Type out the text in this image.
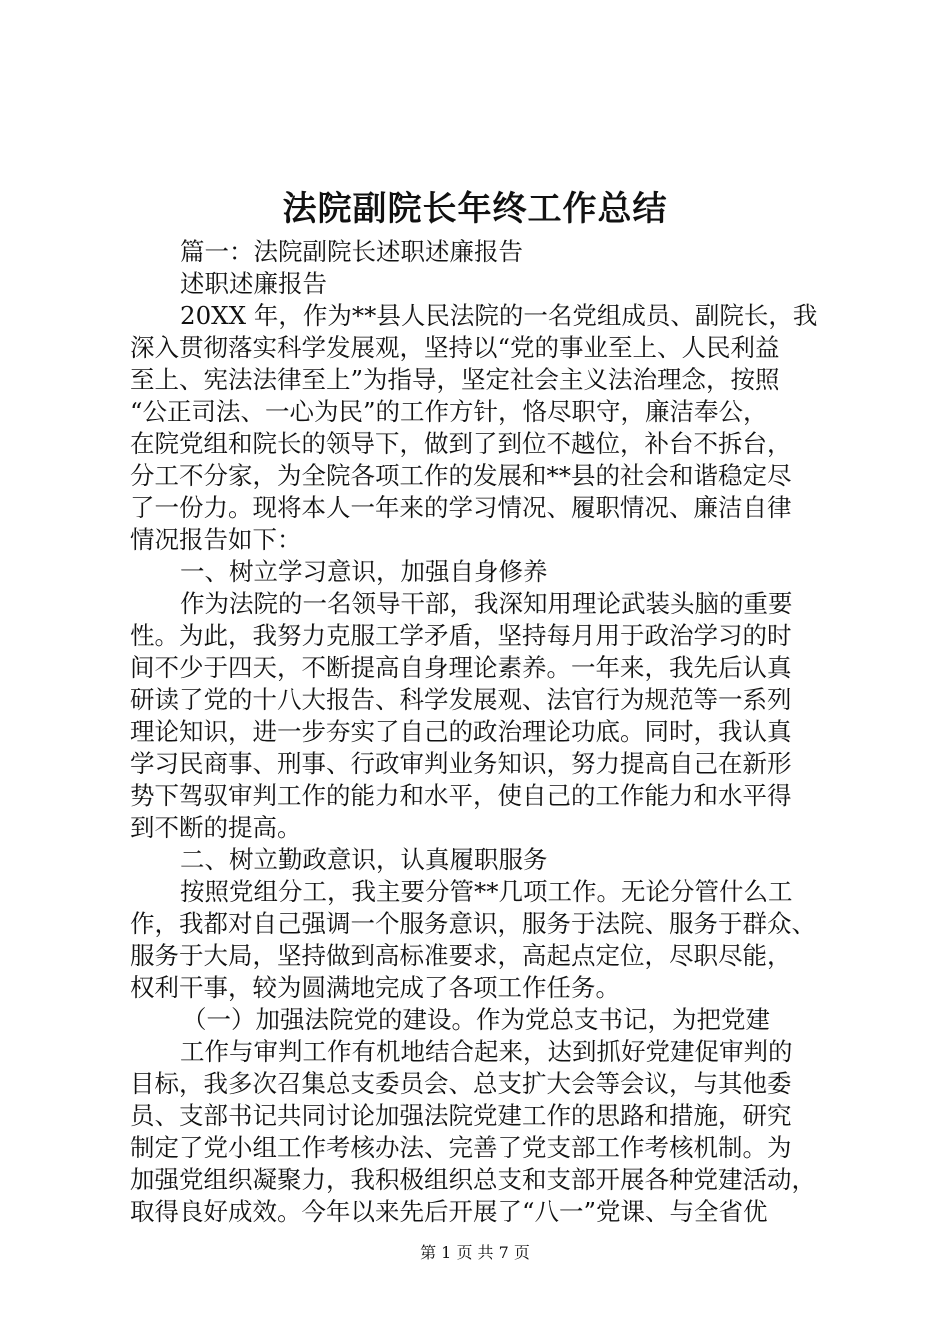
法院副院长年终工作总结
篇一：法院副院长述职述廉报告
述职述廉报告
20XX 年，作为**县人民法院的一名党组成员、副院长，我
深入贯彻落实科学发展观，坚持以“党的事业至上、人民利益
至上、宪法法律至上”为指导，坚定社会主义法治理念，按照
“公正司法、一心为民”的工作方针，恪尽职守，廉洁奉公，
在院党组和院长的领导下，做到了到位不越位，补台不拆台，
分工不分家，为全院各项工作的发展和**县的社会和谐稳定尽
了一份力。现将本人一年来的学习情况、履职情况、廉洁自律
情况报告如下：
一、树立学习意识，加强自身修养
作为法院的一名领导干部，我深知用理论武装头脑的重要
性。为此，我努力克服工学矛盾，坚持每月用于政治学习的时
间不少于四天，不断提高自身理论素养。一年来，我先后认真
研读了党的十八大报告、科学发展观、法官行为规范等一系列
理论知识，进一步夯实了自己的政治理论功底。同时，我认真
学习民商事、刑事、行政审判业务知识，努力提高自己在新形
势下驾驭审判工作的能力和水平，使自己的工作能力和水平得
到不断的提高。
二、树立勤政意识，认真履职服务
按照党组分工，我主要分管**几项工作。无论分管什么工
作，我都对自己强调一个服务意识，服务于法院、服务于群众、
服务于大局，坚持做到高标准要求，高起点定位，尽职尽能，
权利干事，较为圆满地完成了各项工作任务。
（一）加强法院党的建设。作为党总支书记，为把党建
工作与审判工作有机地结合起来，达到抓好党建促审判的
目标，我多次召集总支委员会、总支扩大会等会议，与其他委
员、支部书记共同讨论加强法院党建工作的思路和措施，研究
制定了党小组工作考核办法、完善了党支部工作考核机制。为
加强党组织凝聚力，我积极组织总支和支部开展各种党建活动，
取得良好成效。今年以来先后开展了“八一”党课、与全省优
第 1 页 共 7 页
